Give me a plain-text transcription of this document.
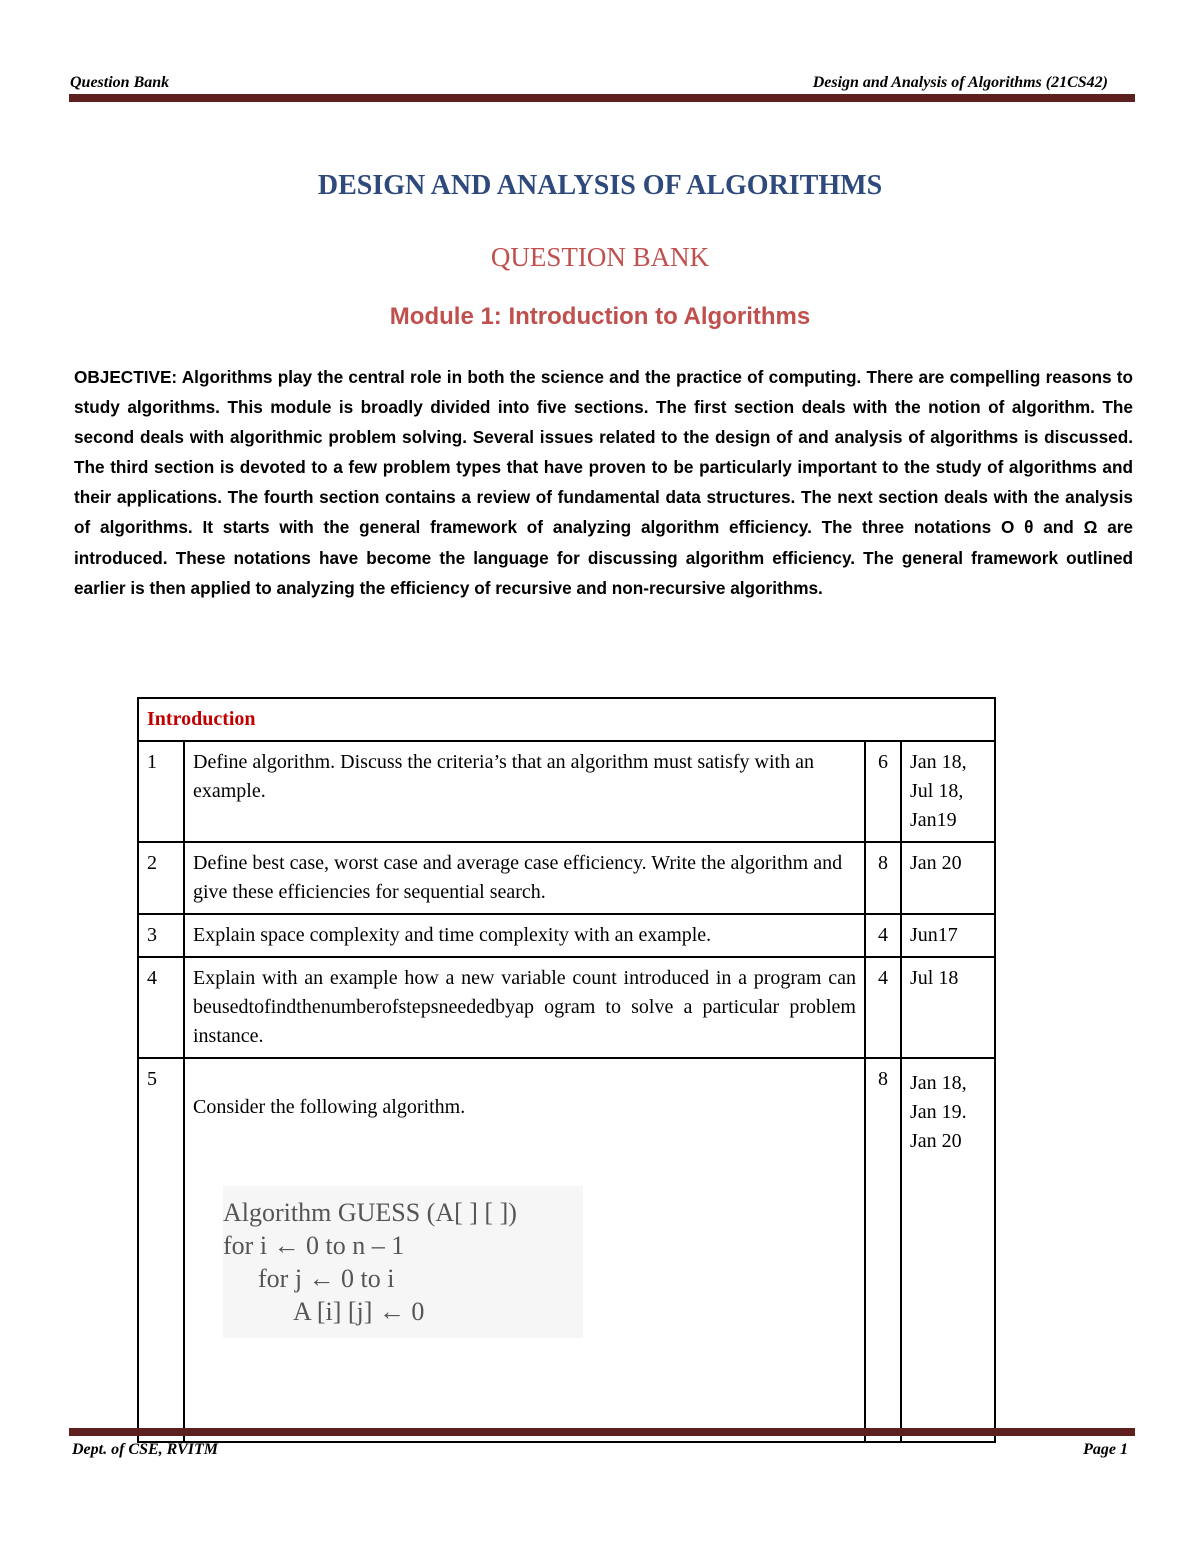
Question Bank	Design and Analysis of Algorithms (21CS42)
DESIGN AND ANALYSIS OF ALGORITHMS
QUESTION BANK
Module 1: Introduction to Algorithms
OBJECTIVE: Algorithms play the central role in both the science and the practice of computing. There are compelling reasons to study algorithms. This module is broadly divided into five sections. The first section deals with the notion of algorithm. The second deals with algorithmic problem solving. Several issues related to the design of and analysis of algorithms is discussed. The third section is devoted to a few problem types that have proven to be particularly important to the study of algorithms and their applications. The fourth section contains a review of fundamental data structures. The next section deals with the analysis of algorithms. It starts with the general framework of analyzing algorithm efficiency. The three notations O θ and Ω are introduced. These notations have become the language for discussing algorithm efficiency. The general framework outlined earlier is then applied to analyzing the efficiency of recursive and non‑recursive algorithms.
Introduction			
1	Define algorithm. Discuss the criteria’s that an algorithm must satisfy with an example.	6	Jan 18, Jul 18, Jan19
2	Define best case, worst case and average case efficiency. Write the algorithm and give these efficiencies for sequential search.	8	Jan 20
3	Explain space complexity and time complexity with an example.	4	Jun17
4	Explain with an example how a new variable count introduced in a program can beusedtofindthenumberofstepsneededbyap ogram to solve a particular problem instance.	4	Jul 18
5	Consider the following algorithm.
Algorithm GUESS (A[ ] [ ])
for i ← 0 to n – 1
for j ← 0 to i
A [i] [j] ← 0	8	Jan 18, Jan 19. Jan 20
Dept. of CSE, RVITM	Page 1
